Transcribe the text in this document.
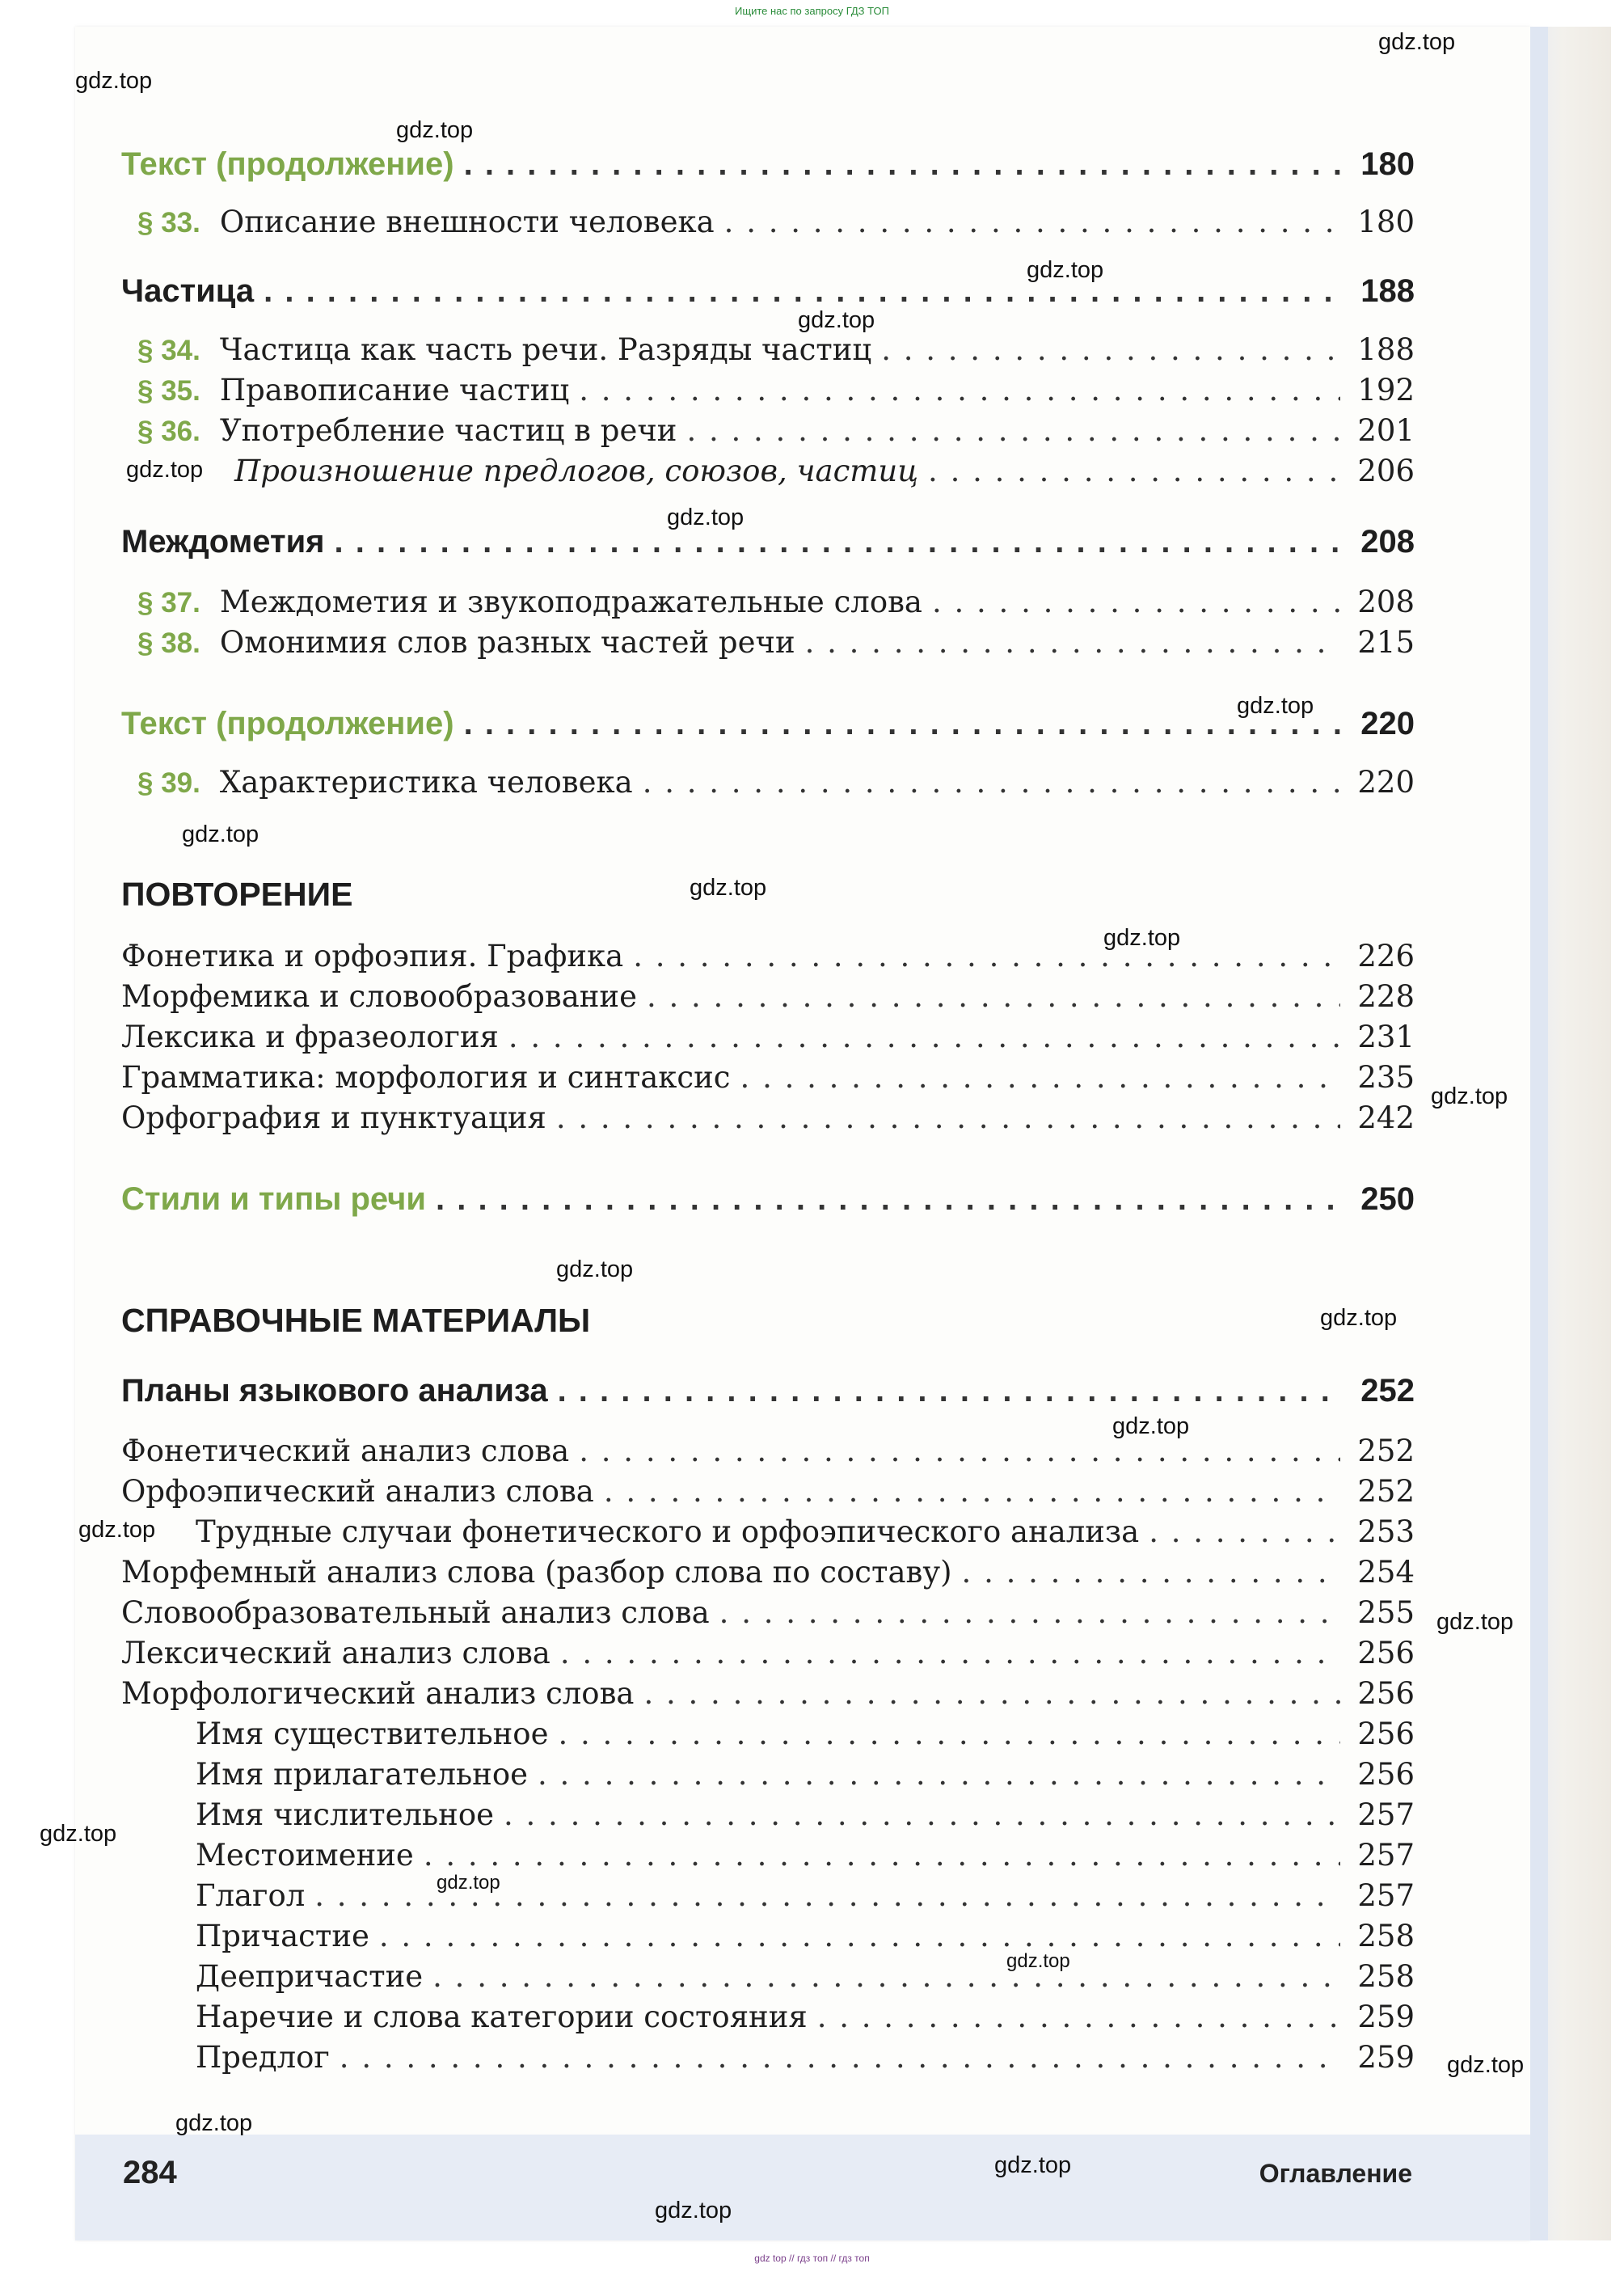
Ищите нас по запросу ГДЗ ТОП
Текст (продолжение) . . .	180
§ 33. Описание внешности человека . . .	180
Частица . . .	188
§ 34. Частица как часть речи. Разряды частиц . . .	188
§ 35. Правописание частиц . . .	192
§ 36. Употребление частиц в речи . . .	201
Произношение предлогов, союзов, частиц . . .	206
Междометия . . .	208
§ 37. Междометия и звукоподражательные слова . . .	208
§ 38. Омонимия слов разных частей речи . . .	215
Текст (продолжение) . . .	220
§ 39. Характеристика человека . . .	220
ПОВТОРЕНИЕ
Фонетика и орфоэпия. Графика . . .	226
Морфемика и словообразование . . .	228
Лексика и фразеология . . .	231
Грамматика: морфология и синтаксис . . .	235
Орфография и пунктуация . . .	242
Стили и типы речи . . .	250
СПРАВОЧНЫЕ МАТЕРИАЛЫ
Планы языкового анализа . . .	252
Фонетический анализ слова . . .	252
Орфоэпический анализ слова . . .	252
Трудные случаи фонетического и орфоэпического анализа . . .	253
Морфемный анализ слова (разбор слова по составу) . . .	254
Словообразовательный анализ слова . . .	255
Лексический анализ слова . . .	256
Морфологический анализ слова . . .	256
Имя существительное . . .	256
Имя прилагательное . . .	256
Имя числительное . . .	257
Местоимение . . .	257
Глагол . . .	257
Причастие . . .	258
Деепричастие . . .	258
Наречие и слова категории состояния . . .	259
Предлог . . .	259
284	Оглавление
gdz.top
gdz.top
gdz.top
gdz.top
gdz.top
gdz.top
gdz.top
gdz.top
gdz.top
gdz.top
gdz.top
gdz.top
gdz.top
gdz.top
gdz.top
gdz.top
gdz.top
gdz.top
gdz.top
gdz.top
gdz.top
gdz.top
gdz.top
gdz.top
gdz top // гдз топ // гдз топ
